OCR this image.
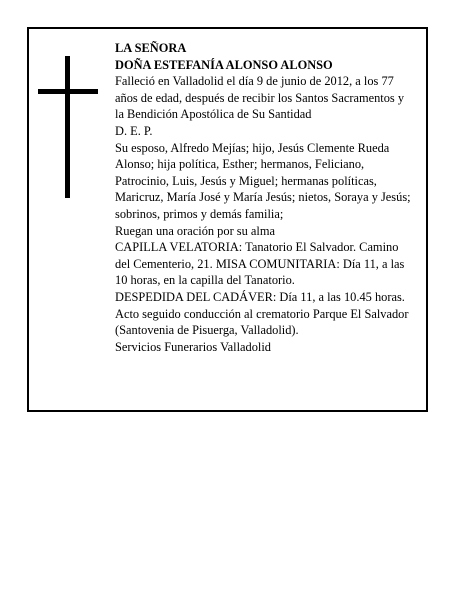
LA SEÑORA

DOÑA ESTEFANÍA ALONSO ALONSO

Falleció en Valladolid el día 9 de junio de 2012, a los 77 años de edad, después de recibir los Santos Sacramentos y la Bendición Apostólica de Su Santidad

D. E. P.

Su esposo, Alfredo Mejías; hijo, Jesús Clemente Rueda Alonso; hija política, Esther; hermanos, Feliciano, Patrocinio, Luis, Jesús y Miguel; hermanas políticas, Maricruz, María José y María Jesús; nietos, Soraya y Jesús; sobrinos, primos y demás familia;

Ruegan una oración por su alma

CAPILLA VELATORIA: Tanatorio El Salvador. Camino del Cementerio, 21. MISA COMUNITARIA: Día 11, a las 10 horas, en la capilla del Tanatorio.

DESPEDIDA DEL CADÁVER: Día 11, a las 10.45 horas. Acto seguido conducción al crematorio Parque El Salvador (Santovenia de Pisuerga, Valladolid).

Servicios Funerarios Valladolid
